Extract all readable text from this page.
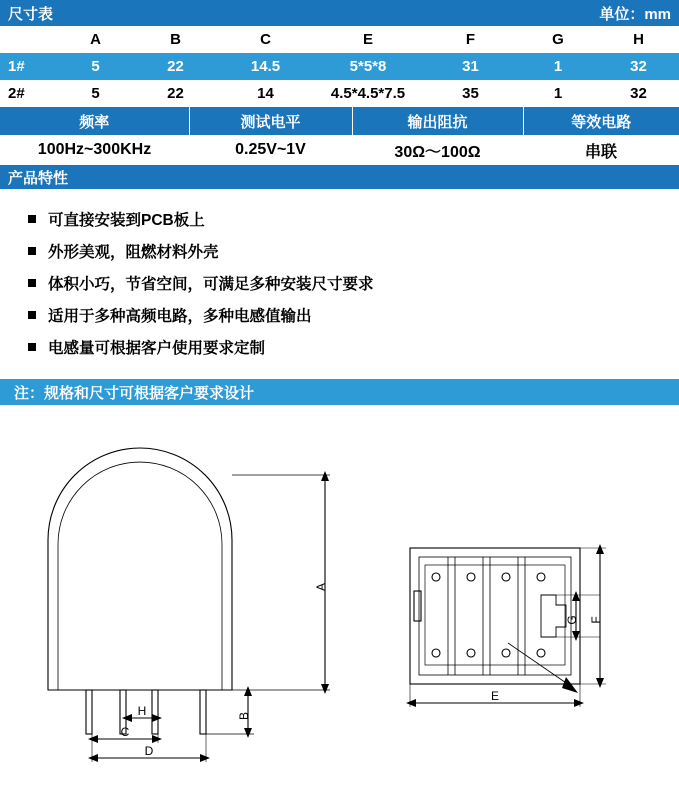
尺寸表					单位：mm		
	A	B	C	E	F	G	H
1#	5	22	14.5	5*5*8	31	1	32
2#	5	22	14	4.5*4.5*7.5	35	1	32
频率	测试电平	输出阻抗	等效电路
100Hz~300KHz	0.25V~1V	30Ω～100Ω	串联
产品特性
可直接安装到PCB板上
外形美观，阻燃材料外壳
体积小巧，节省空间，可满足多种安装尺寸要求
适用于多种高频电路，多种电感值输出
电感量可根据客户使用要求定制
注：规格和尺寸可根据客户要求设计
A
B
H
C
D
E
G F
